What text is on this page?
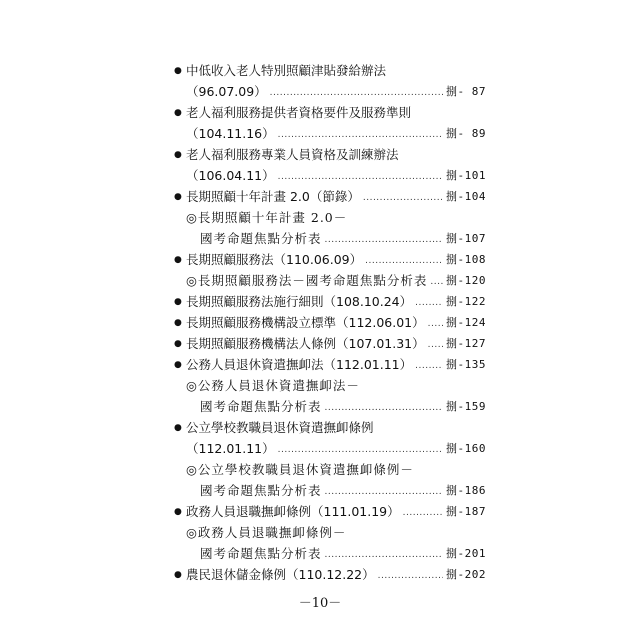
● 中低收入老人特別照顧津貼發給辦法
（96.07.09） .....	捌- 87
● 老人福利服務提供者資格要件及服務準則
（104.11.16） .....	捌- 89
● 老人福利服務專業人員資格及訓練辦法
（106.04.11） .....	捌-101
● 長期照顧十年計畫 2.0（節錄） .....	捌-104
◎長期照顧十年計畫 2.0－
國考命題焦點分析表 .....	捌-107
● 長期照顧服務法（110.06.09） .....	捌-108
◎長期照顧服務法－國考命題焦點分析表 ..... 捌-120
● 長期照顧服務法施行細則（108.10.24） .....	捌-122
● 長期照顧服務機構設立標準（112.06.01） ..... 捌-124
● 長期照顧服務機構法人條例（107.01.31） ..... 捌-127
● 公務人員退休資遣撫卹法（112.01.11） .....	捌-135
◎公務人員退休資遣撫卹法－
國考命題焦點分析表 .....	捌-159
● 公立學校教職員退休資遣撫卹條例
（112.01.11） .....	捌-160
◎公立學校教職員退休資遣撫卹條例－
國考命題焦點分析表 .....	捌-186
● 政務人員退職撫卹條例（111.01.19） .....	捌-187
◎政務人員退職撫卹條例－
國考命題焦點分析表 .....	捌-201
● 農民退休儲金條例（110.12.22） .....	捌-202
－10－
